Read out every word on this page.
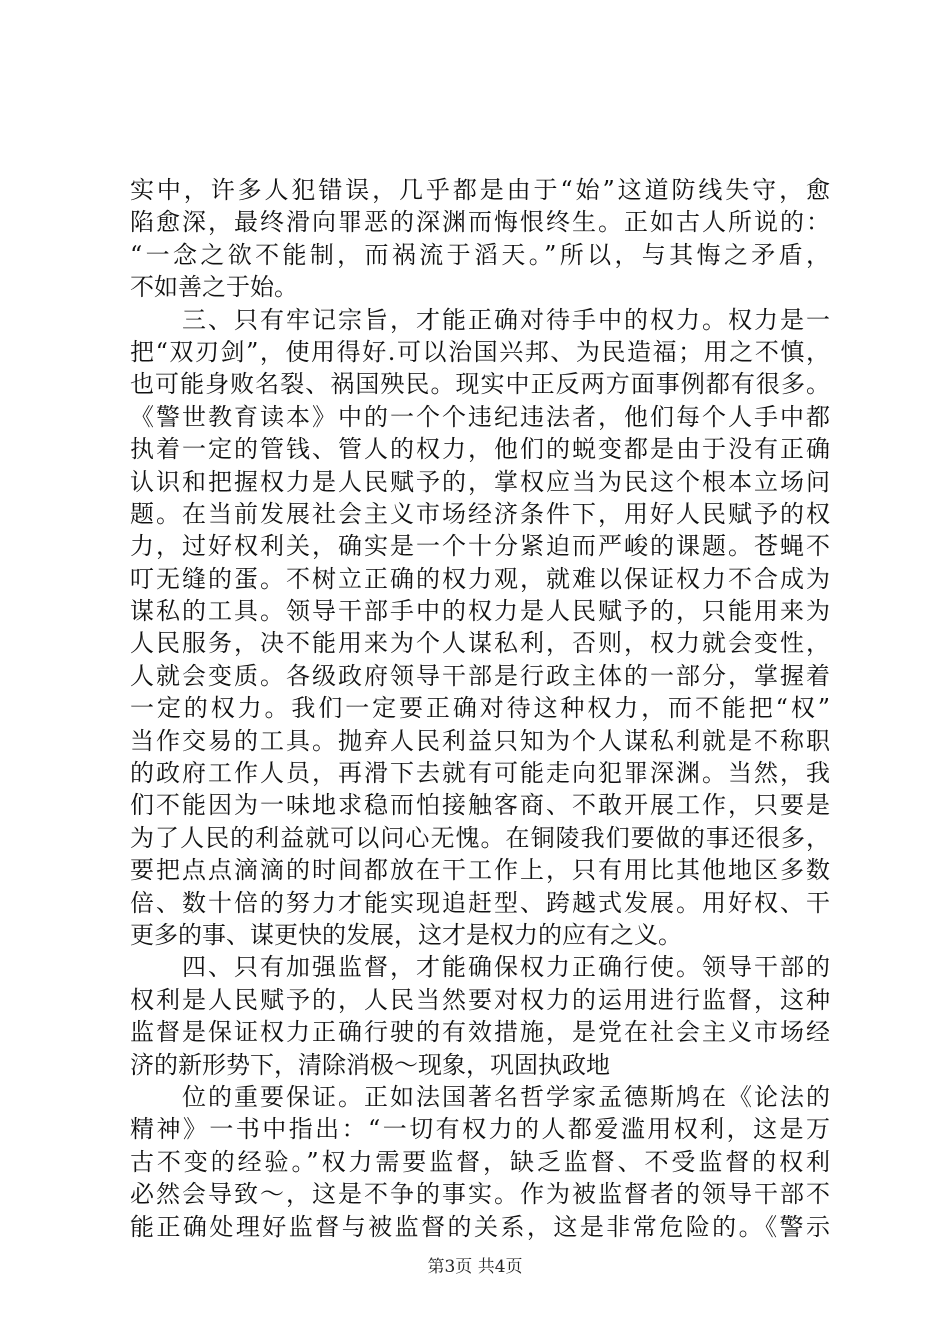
实中，许多人犯错误，几乎都是由于“始”这道防线失守，愈
陷愈深，最终滑向罪恶的深渊而悔恨终生。正如古人所说的：
“一念之欲不能制，而祸流于滔天。”所以，与其悔之矛盾，
不如善之于始。
　　三、只有牢记宗旨，才能正确对待手中的权力。权力是一
把“双刃剑”，使用得好.可以治国兴邦、为民造福；用之不慎，
也可能身败名裂、祸国殃民。现实中正反两方面事例都有很多。
《警世教育读本》中的一个个违纪违法者，他们每个人手中都
执着一定的管钱、管人的权力，他们的蜕变都是由于没有正确
认识和把握权力是人民赋予的，掌权应当为民这个根本立场问
题。在当前发展社会主义市场经济条件下，用好人民赋予的权
力，过好权利关，确实是一个十分紧迫而严峻的课题。苍蝇不
叮无缝的蛋。不树立正确的权力观，就难以保证权力不合成为
谋私的工具。领导干部手中的权力是人民赋予的，只能用来为
人民服务，决不能用来为个人谋私利，否则，权力就会变性，
人就会变质。各级政府领导干部是行政主体的一部分，掌握着
一定的权力。我们一定要正确对待这种权力，而不能把“权”
当作交易的工具。抛弃人民利益只知为个人谋私利就是不称职
的政府工作人员，再滑下去就有可能走向犯罪深渊。当然，我
们不能因为一味地求稳而怕接触客商、不敢开展工作，只要是
为了人民的利益就可以问心无愧。在铜陵我们要做的事还很多，
要把点点滴滴的时间都放在干工作上，只有用比其他地区多数
倍、数十倍的努力才能实现追赶型、跨越式发展。用好权、干
更多的事、谋更快的发展，这才是权力的应有之义。
　　四、只有加强监督，才能确保权力正确行使。领导干部的
权利是人民赋予的，人民当然要对权力的运用进行监督，这种
监督是保证权力正确行驶的有效措施，是党在社会主义市场经
济的新形势下，清除消极～现象，巩固执政地
　　位的重要保证。正如法国著名哲学家孟德斯鸠在《论法的
精神》一书中指出：“一切有权力的人都爱滥用权利，这是万
古不变的经验。”权力需要监督，缺乏监督、不受监督的权利
必然会导致～，这是不争的事实。作为被监督者的领导干部不
能正确处理好监督与被监督的关系，这是非常危险的。《警示
第3页 共4页
